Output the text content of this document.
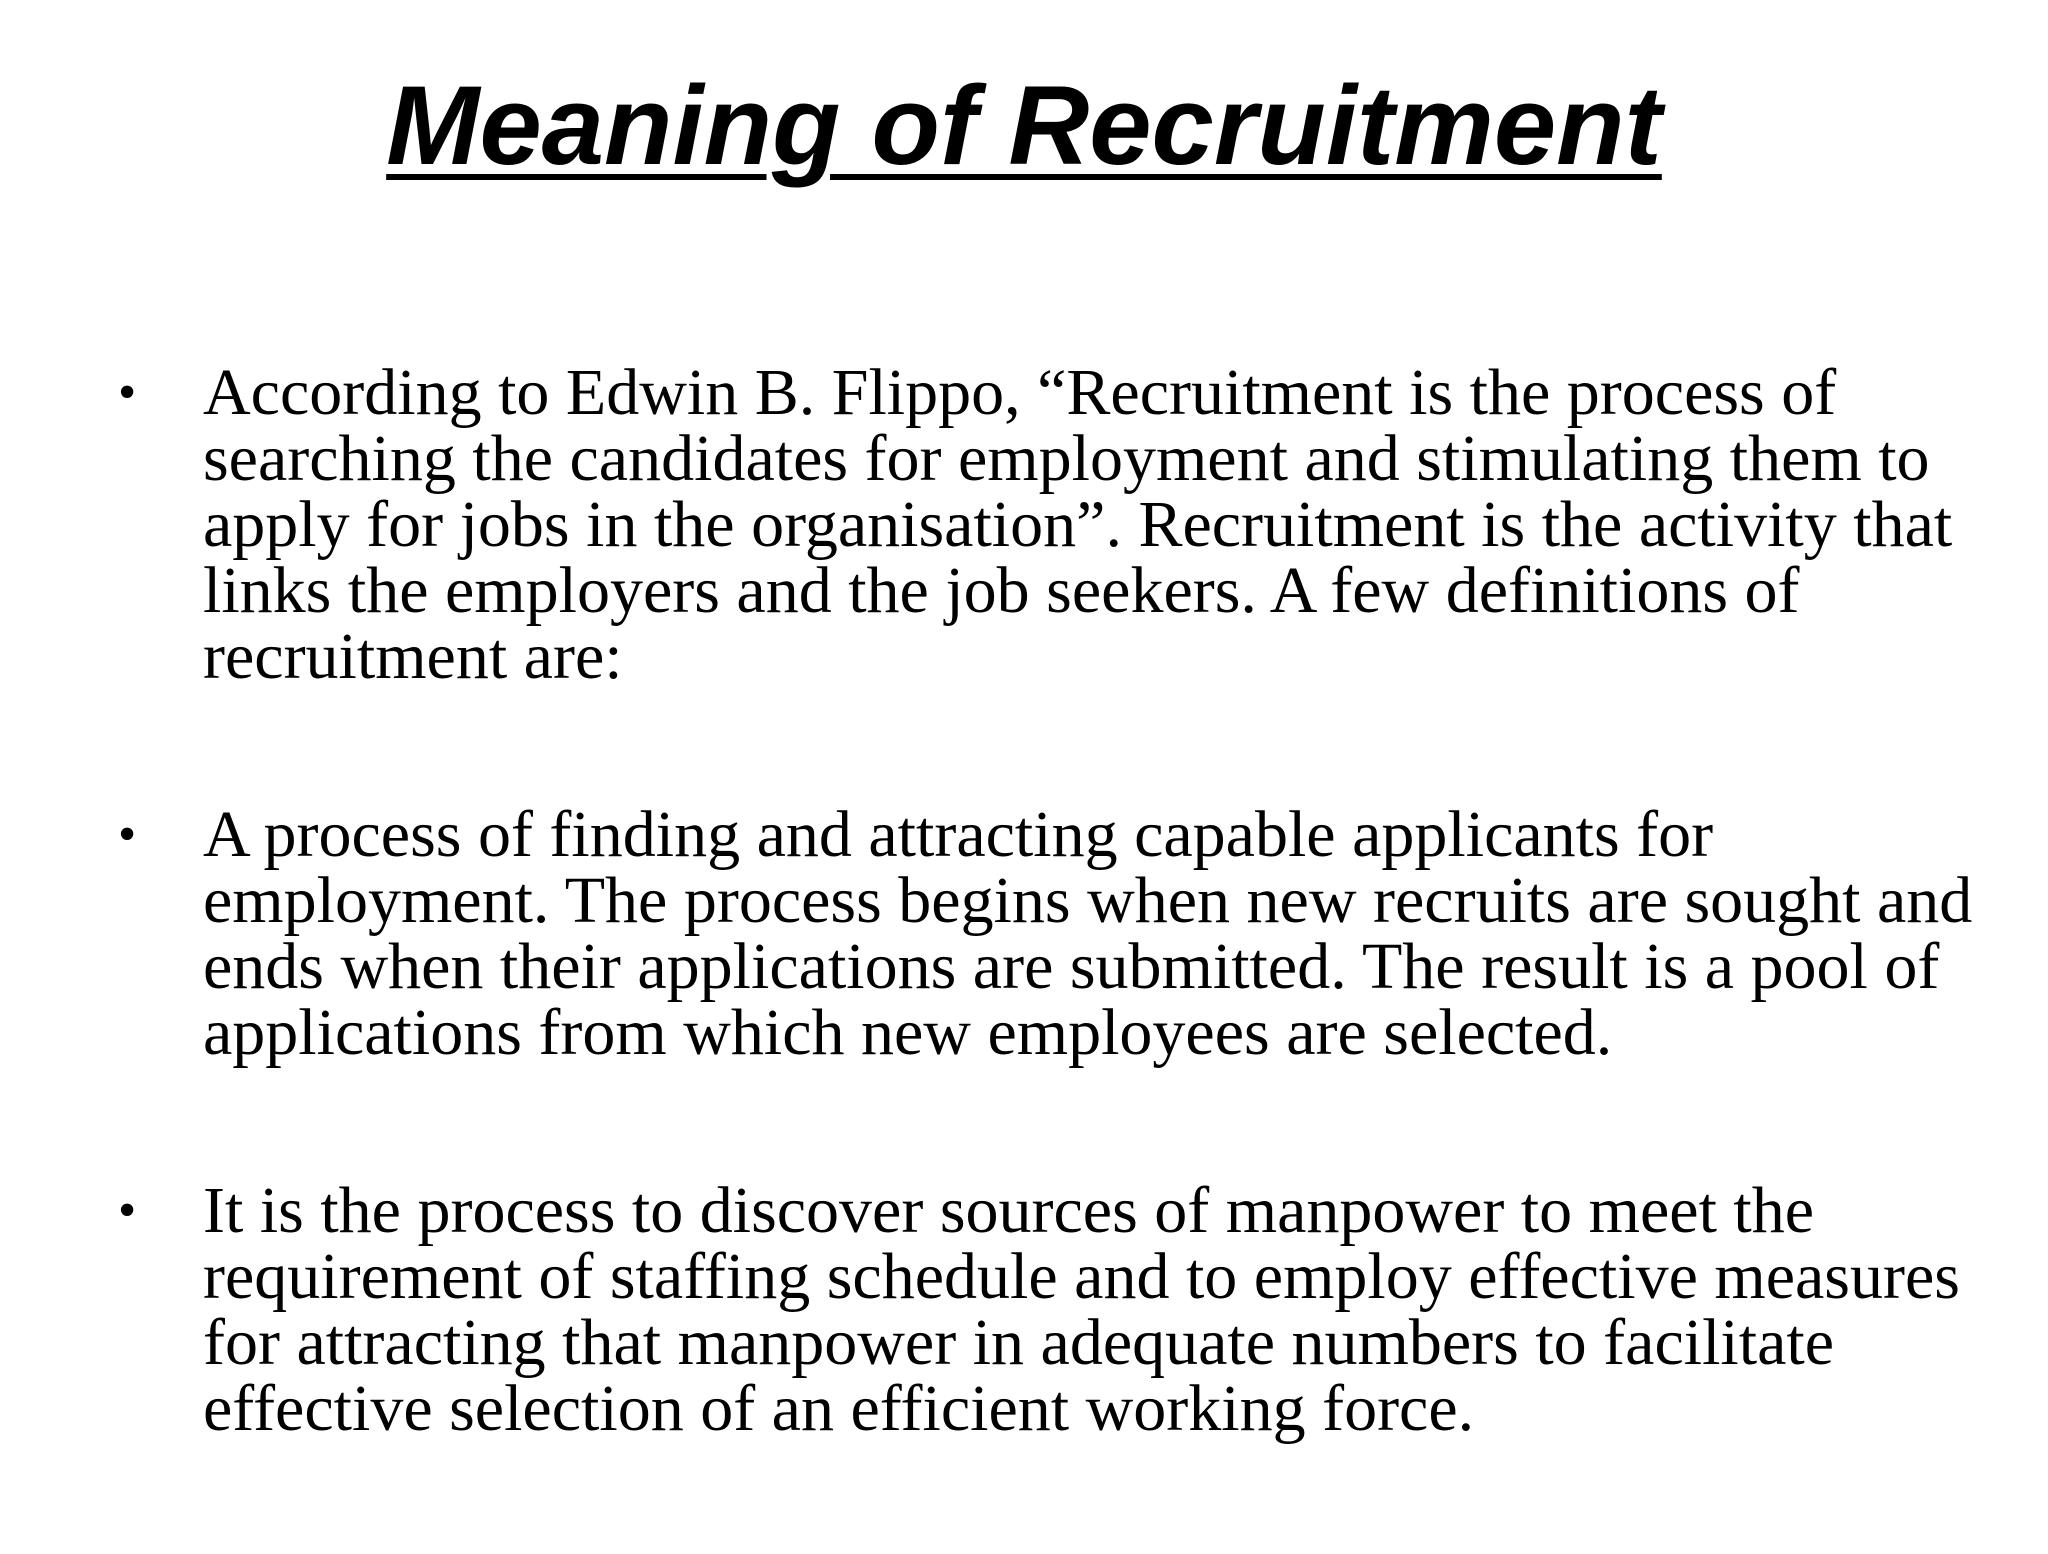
Meaning of Recruitment
• According to Edwin B. Flippo, “Recruitment is the process of searching the candidates for employment and stimulating them to apply for jobs in the organisation”. Recruitment is the activity that links the employers and the job seekers. A few definitions of recruitment are:
• A process of finding and attracting capable applicants for employment. The process begins when new recruits are sought and ends when their applications are submitted. The result is a pool of applications from which new employees are selected.
• It is the process to discover sources of manpower to meet the requirement of staffing schedule and to employ effective measures for attracting that manpower in adequate numbers to facilitate effective selection of an efficient working force.
